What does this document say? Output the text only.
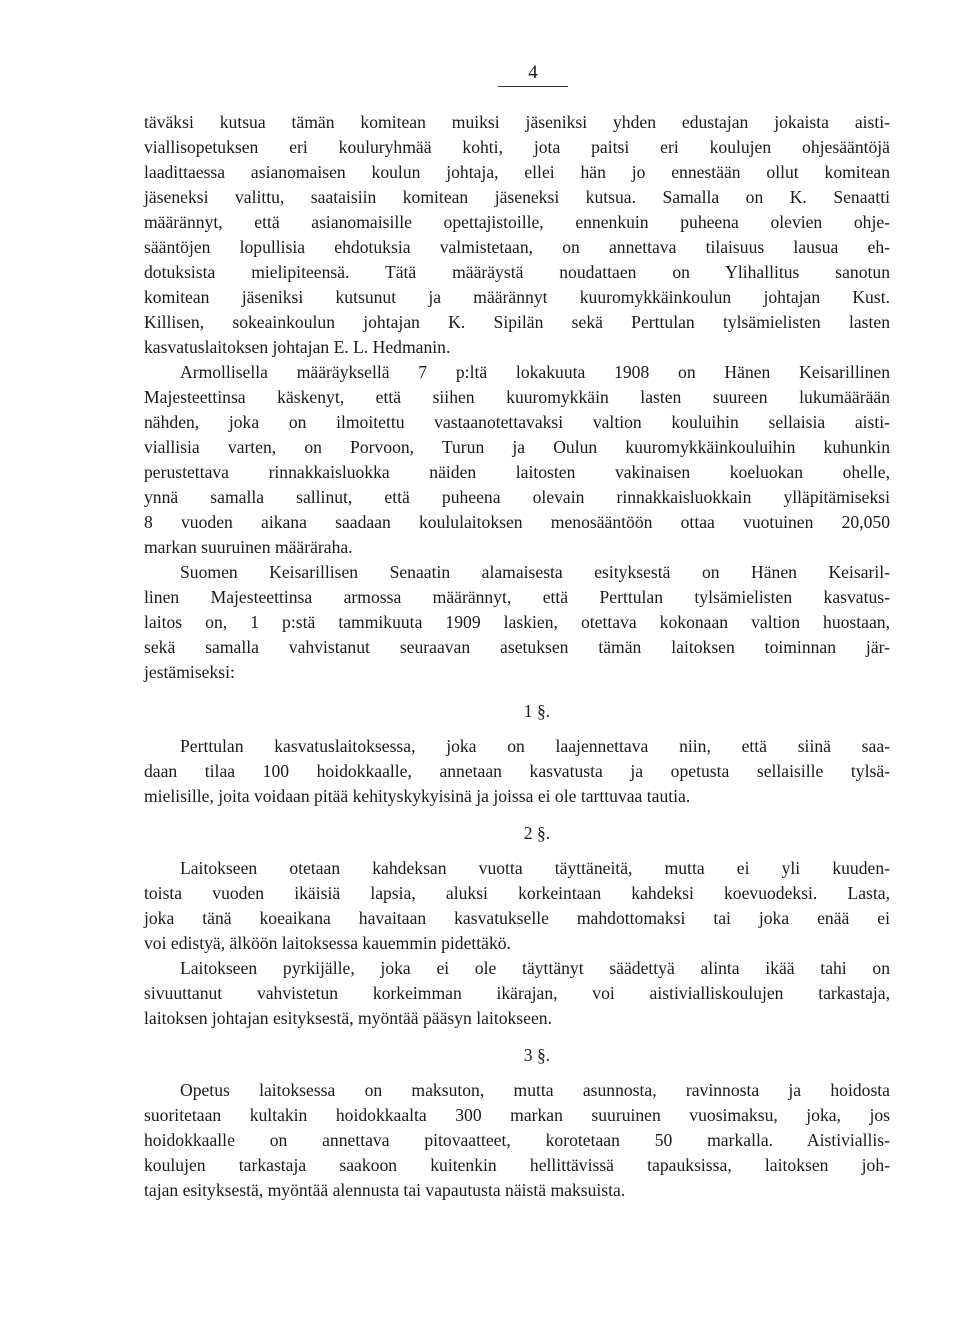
4
täväksi kutsua tämän komitean muiksi jäseniksi yhden edustajan jokaista aisti-
viallisopetuksen eri kouluryhmää kohti, jota paitsi eri koulujen ohjesääntöjä
laadittaessa asianomaisen koulun johtaja, ellei hän jo ennestään ollut komitean
jäseneksi valittu, saataisiin komitean jäseneksi kutsua. Samalla on K. Senaatti
määrännyt, että asianomaisille opettajistoille, ennenkuin puheena olevien ohje-
sääntöjen lopullisia ehdotuksia valmistetaan, on annettava tilaisuus lausua eh-
dotuksista mielipiteensä. Tätä määräystä noudattaen on Ylihallitus sanotun
komitean jäseniksi kutsunut ja määrännyt kuuromykkäinkoulun johtajan Kust.
Killisen, sokeainkoulun johtajan K. Sipilän sekä Perttulan tylsämielisten lasten
kasvatuslaitoksen johtajan E. L. Hedmanin.
Armollisella määräyksellä 7 p:ltä lokakuuta 1908 on Hänen Keisarillinen
Majesteettinsa käskenyt, että siihen kuuromykkäin lasten suureen lukumäärään
nähden, joka on ilmoitettu vastaanotettavaksi valtion kouluihin sellaisia aisti-
viallisia varten, on Porvoon, Turun ja Oulun kuuromykkäinkouluihin kuhunkin
perustettava rinnakkaisluokka näiden laitosten vakinaisen koeluokan ohelle,
ynnä samalla sallinut, että puheena olevain rinnakkaisluokkain ylläpitämiseksi
8 vuoden aikana saadaan koululaitoksen menosääntöön ottaa vuotuinen 20,050
markan suuruinen määräraha.
Suomen Keisarillisen Senaatin alamaisesta esityksestä on Hänen Keisaril-
linen Majesteettinsa armossa määrännyt, että Perttulan tylsämielisten kasvatus-
laitos on, 1 p:stä tammikuuta 1909 laskien, otettava kokonaan valtion huostaan,
sekä samalla vahvistanut seuraavan asetuksen tämän laitoksen toiminnan jär-
jestämiseksi:
1 §.
Perttulan kasvatuslaitoksessa, joka on laajennettava niin, että siinä saa-
daan tilaa 100 hoidokkaalle, annetaan kasvatusta ja opetusta sellaisille tylsä-
mielisille, joita voidaan pitää kehityskykyisinä ja joissa ei ole tarttuvaa tautia.
2 §.
Laitokseen otetaan kahdeksan vuotta täyttäneitä, mutta ei yli kuuden-
toista vuoden ikäisiä lapsia, aluksi korkeintaan kahdeksi koevuodeksi. Lasta,
joka tänä koeaikana havaitaan kasvatukselle mahdottomaksi tai joka enää ei
voi edistyä, älköön laitoksessa kauemmin pidettäkö.
Laitokseen pyrkijälle, joka ei ole täyttänyt säädettyä alinta ikää tahi on
sivuuttanut vahvistetun korkeimman ikärajan, voi aistivialliskoulujen tarkastaja,
laitoksen johtajan esityksestä, myöntää pääsyn laitokseen.
3 §.
Opetus laitoksessa on maksuton, mutta asunnosta, ravinnosta ja hoidosta
suoritetaan kultakin hoidokkaalta 300 markan suuruinen vuosimaksu, joka, jos
hoidokkaalle on annettava pitovaatteet, korotetaan 50 markalla. Aistiviallis-
koulujen tarkastaja saakoon kuitenkin hellittävissä tapauksissa, laitoksen joh-
tajan esityksestä, myöntää alennusta tai vapautusta näistä maksuista.
